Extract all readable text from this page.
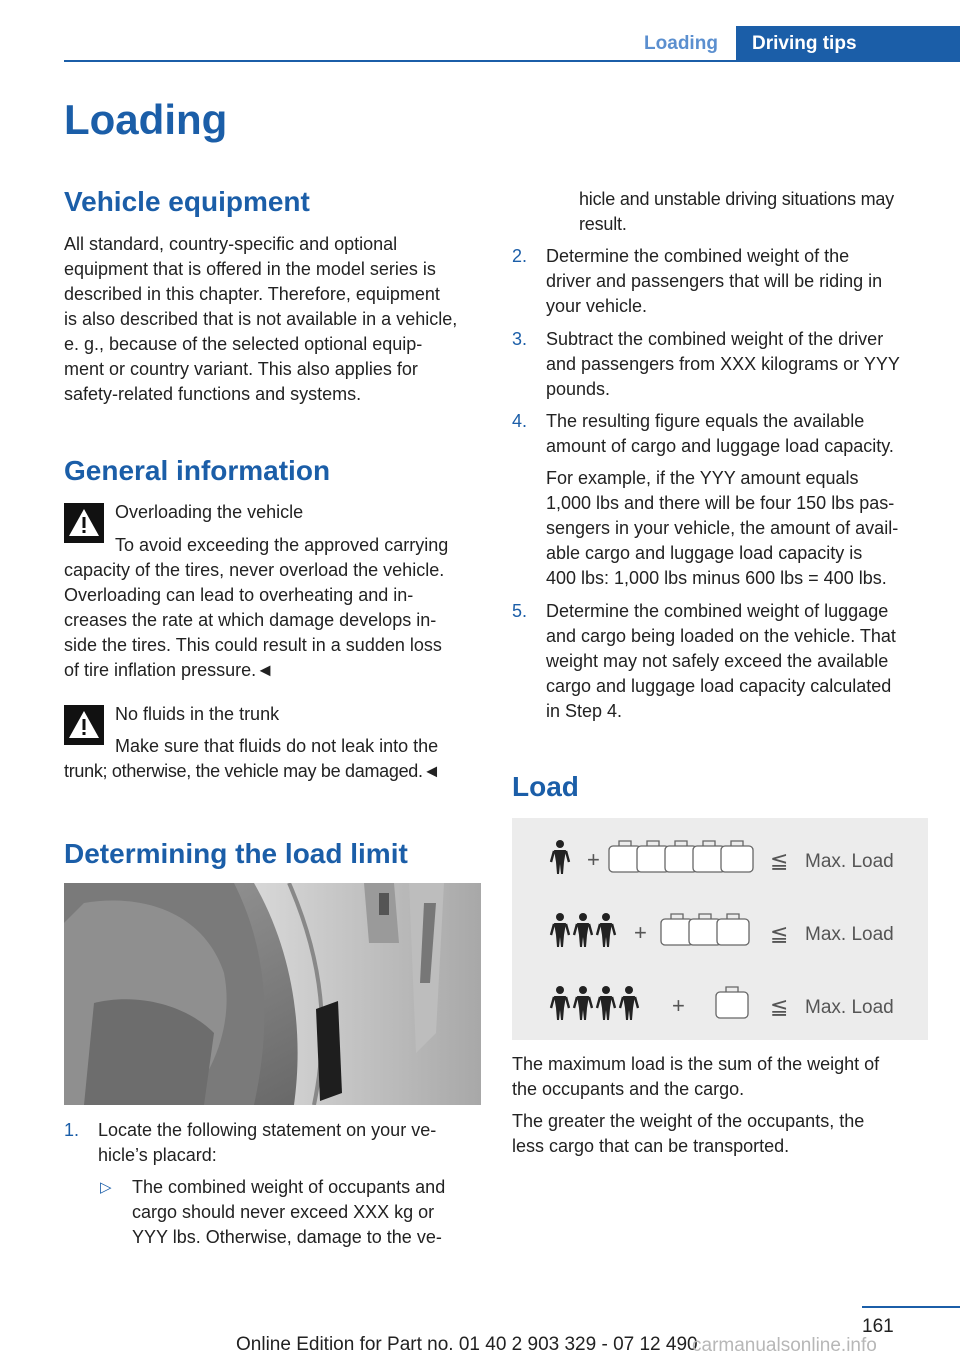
Loading	Driving tips
Loading
Vehicle equipment
All standard, country-specific and optional
equipment that is offered in the model series is
described in this chapter. Therefore, equipment
is also described that is not available in a vehicle,
e. g., because of the selected optional equip-
ment or country variant. This also applies for
safety-related functions and systems.
General information
Overloading the vehicle
To avoid exceeding the approved carrying
capacity of the tires, never overload the vehicle.
Overloading can lead to overheating and in-
creases the rate at which damage develops in-
side the tires. This could result in a sudden loss
of tire inflation pressure.◄
No fluids in the trunk
Make sure that fluids do not leak into the
trunk; otherwise, the vehicle may be damaged.◄
Determining the load limit
1.	Locate the following statement on your ve-
hicle’s placard:
▷	The combined weight of occupants and
cargo should never exceed XXX kg or
YYY lbs. Otherwise, damage to the ve-
hicle and unstable driving situations may
result.
2.	Determine the combined weight of the
driver and passengers that will be riding in
your vehicle.
3.	Subtract the combined weight of the driver
and passengers from XXX kilograms or YYY
pounds.
4.	The resulting figure equals the available
amount of cargo and luggage load capacity.
For example, if the YYY amount equals
1,000 lbs and there will be four 150 lbs pas-
sengers in your vehicle, the amount of avail-
able cargo and luggage load capacity is
400 lbs: 1,000 lbs minus 600 lbs = 400 lbs.
5.	Determine the combined weight of luggage
and cargo being loaded on the vehicle. That
weight may not safely exceed the available
cargo and luggage load capacity calculated
in Step 4.
Load
+	≦ Max. Load
+	≦ Max. Load
+	≦ Max. Load
The maximum load is the sum of the weight of
the occupants and the cargo.
The greater the weight of the occupants, the
less cargo that can be transported.
161
Online Edition for Part no. 01 40 2 903 329 - 07 12 490
carmanualsonline.info
